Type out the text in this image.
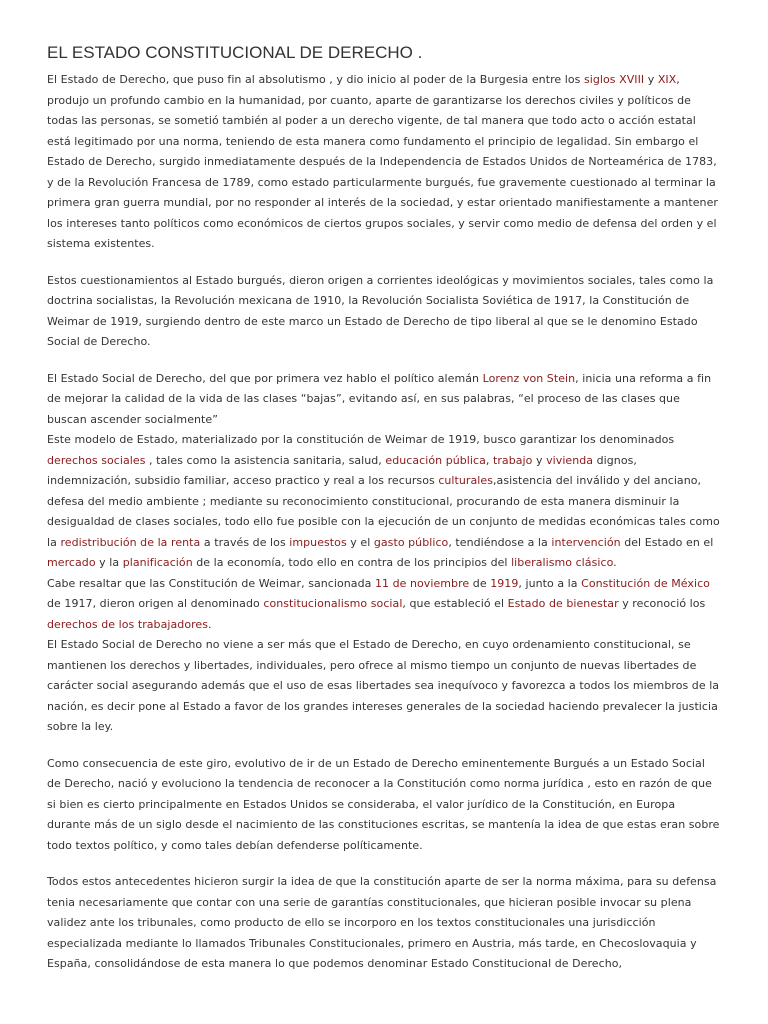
EL ESTADO CONSTITUCIONAL DE DERECHO .

El Estado de Derecho, que puso fin al absolutismo , y dio inicio al poder de la Burgesia entre los siglos XVIII y XIX, produjo un profundo cambio en la humanidad, por cuanto, aparte de garantizarse los derechos civiles y políticos de todas las personas, se sometió también al poder a un derecho vigente, de tal manera que todo acto o acción estatal está legitimado por una norma, teniendo de esta manera como fundamento el principio de legalidad. Sin embargo el Estado de Derecho, surgido inmediatamente después de la Independencia de Estados Unidos de Norteamérica de 1783, y de la Revolución Francesa de 1789, como estado particularmente burgués, fue gravemente cuestionado al terminar la primera gran guerra mundial, por no responder al interés de la sociedad, y estar orientado manifiestamente a mantener los intereses tanto políticos como económicos de ciertos grupos sociales, y servir como medio de defensa del orden y el sistema existentes.

Estos cuestionamientos al Estado burgués, dieron origen a corrientes ideológicas y movimientos sociales, tales como la doctrina socialistas, la Revolución mexicana de 1910, la Revolución Socialista Soviética de 1917, la Constitución de Weimar de 1919, surgiendo dentro de este marco un Estado de Derecho de tipo liberal al que se le denomino Estado Social de Derecho.

El Estado Social de Derecho, del que por primera vez hablo el político alemán Lorenz von Stein, inicia una reforma a fin de mejorar la calidad de la vida de las clases “bajas”, evitando así, en sus palabras, “el proceso de las clases que buscan ascender socialmente”

Este modelo de Estado, materializado por la constitución de Weimar de 1919, busco garantizar los denominados derechos sociales , tales como la asistencia sanitaria, salud, educación pública, trabajo y vivienda dignos, indemnización, subsidio familiar, acceso practico y real a los recursos culturales,asistencia del inválido y del anciano, defesa del medio ambiente ; mediante su reconocimiento constitucional, procurando de esta manera disminuir la desigualdad de clases sociales, todo ello fue posible con la ejecución de un conjunto de medidas económicas tales como la redistribución de la renta a través de los impuestos y el gasto público, tendiéndose a la intervención del Estado en el mercado y la planificación de la economía, todo ello en contra de los principios del liberalismo clásico.

Cabe resaltar que las Constitución de Weimar, sancionada 11 de noviembre de 1919, junto a la Constitución de México de 1917, dieron origen al denominado constitucionalismo social, que estableció el Estado de bienestar y reconoció los derechos de los trabajadores.

El Estado Social de Derecho no viene a ser más que el Estado de Derecho, en cuyo ordenamiento constitucional, se mantienen los derechos y libertades, individuales, pero ofrece al mismo tiempo un conjunto de nuevas libertades de carácter social asegurando además que el uso de esas libertades sea inequívoco y favorezca a todos los miembros de la nación, es decir pone al Estado a favor de los grandes intereses generales de la sociedad haciendo prevalecer la justicia sobre la ley.

Como consecuencia de este giro, evolutivo de ir de un Estado de Derecho eminentemente Burgués a un Estado Social de Derecho, nació y evoluciono la tendencia de reconocer a la Constitución como norma jurídica , esto en razón de que si bien es cierto principalmente en Estados Unidos se consideraba, el valor jurídico de la Constitución, en Europa durante más de un siglo desde el nacimiento de las constituciones escritas, se mantenía la idea de que estas eran sobre todo textos político, y como tales debían defenderse políticamente.

Todos estos antecedentes hicieron surgir la idea de que la constitución aparte de ser la norma máxima, para su defensa tenia necesariamente que contar con una serie de garantías constitucionales, que hicieran posible invocar su plena validez ante los tribunales, como producto de ello se incorporo en los textos constitucionales una jurisdicción especializada mediante lo llamados Tribunales Constitucionales, primero en Austria, más tarde, en Checoslovaquia y España, consolidándose de esta manera lo que podemos denominar Estado Constitucional de Derecho,
